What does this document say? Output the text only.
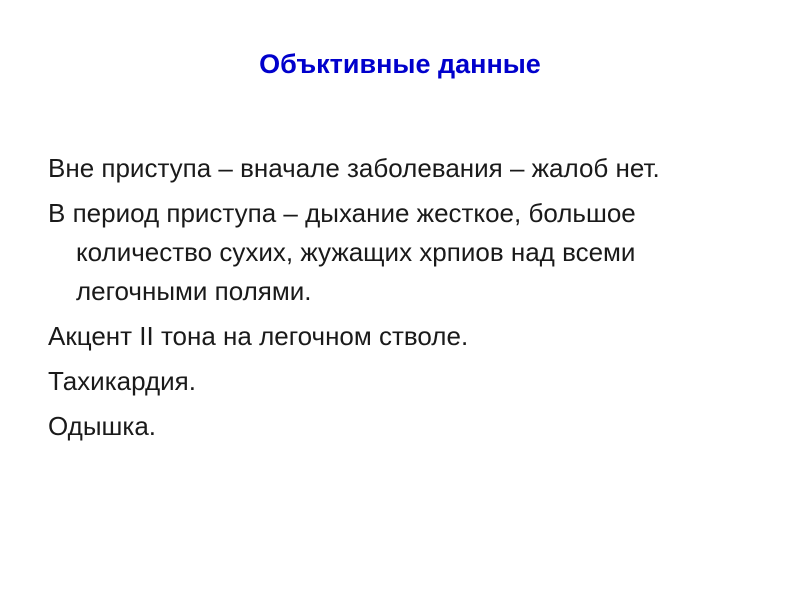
Объктивные данные
Вне приступа – вначале заболевания – жалоб нет.
В период приступа – дыхание жесткое, большое количество сухих, жужащих хрпиов над всеми легочными полями.
Акцент II тона на легочном стволе.
Тахикардия.
Одышка.
